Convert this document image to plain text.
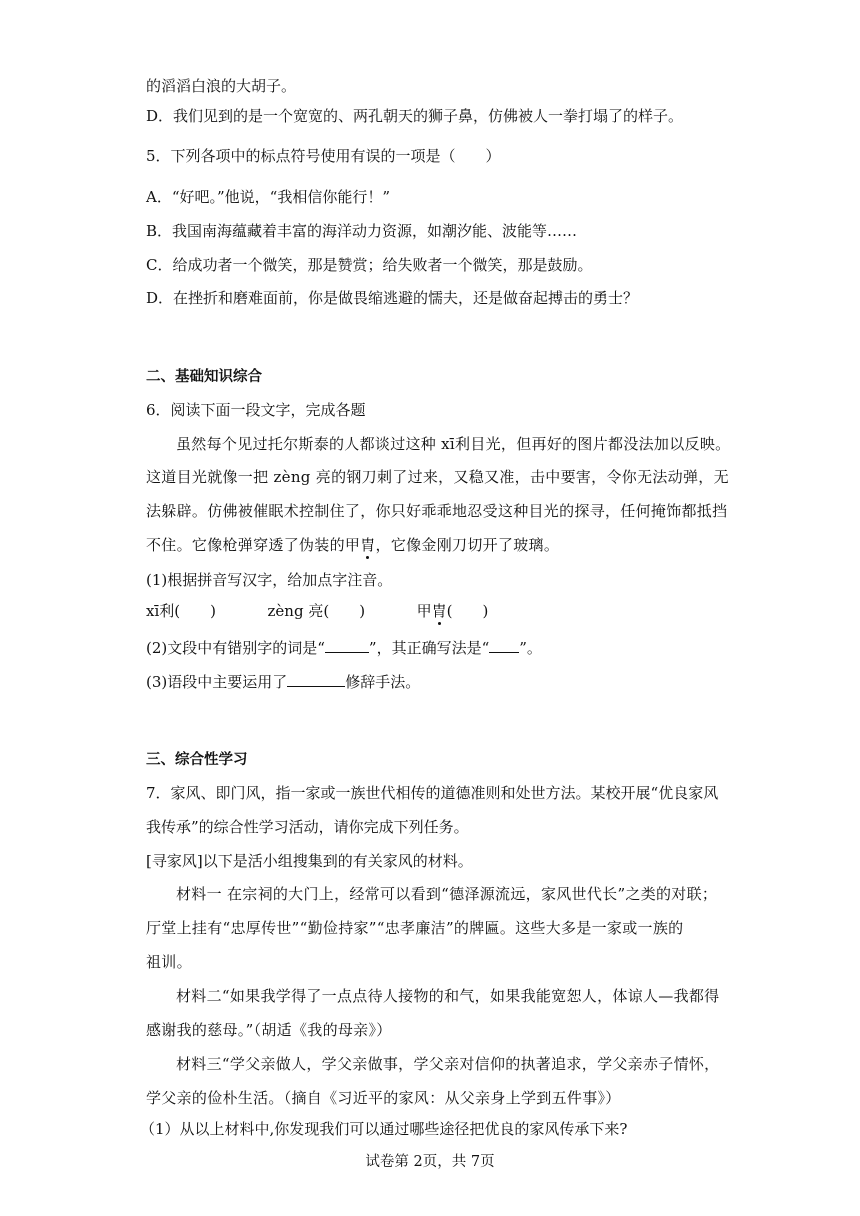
的滔滔白浪的大胡子。
D．我们见到的是一个宽宽的、两孔朝天的狮子鼻，仿佛被人一拳打塌了的样子。
5．下列各项中的标点符号使用有误的一项是（　　）
A．“好吧。”他说，“我相信你能行！”
B．我国南海蕴藏着丰富的海洋动力资源，如潮汐能、波能等……
C．给成功者一个微笑，那是赞赏；给失败者一个微笑，那是鼓励。
D．在挫折和磨难面前，你是做畏缩逃避的懦夫，还是做奋起搏击的勇士？
二、基础知识综合
6．阅读下面一段文字，完成各题
虽然每个见过托尔斯泰的人都谈过这种 xī利目光，但再好的图片都没法加以反映。
这道目光就像一把 zèng 亮的钢刀刺了过来，又稳又准，击中要害，令你无法动弹，无
法躲辟。仿佛被催眠术控制住了，你只好乖乖地忍受这种目光的探寻，任何掩饰都抵挡
不住。它像枪弹穿透了伪装的甲胄，它像金刚刀切开了玻璃。
(1)根据拼音写汉字，给加点字注音。
xī利(　　)	zèng 亮(　　)	甲胄(　　)
(2)文段中有错别字的词是“	”，其正确写法是“ ”。
(3)语段中主要运用了	修辞手法。
三、综合性学习
7．家风、即门风，指一家或一族世代相传的道德准则和处世方法。某校开展“优良家风
我传承”的综合性学习活动，请你完成下列任务。
[寻家风]以下是活小组搜集到的有关家风的材料。
材料一 在宗祠的大门上，经常可以看到“德泽源流远，家风世代长”之类的对联；
厅堂上挂有“忠厚传世”“勤俭持家”“忠孝廉洁”的牌匾。这些大多是一家或一族的
祖训。
材料二“如果我学得了一点点待人接物的和气，如果我能宽恕人，体谅人—我都得
感谢我的慈母。”（胡适《我的母亲》）
材料三“学父亲做人，学父亲做事，学父亲对信仰的执著追求，学父亲赤子情怀，
学父亲的俭朴生活。（摘自《习近平的家风：从父亲身上学到五件事》）
（1）从以上材料中,你发现我们可以通过哪些途径把优良的家风传承下来?
试卷第 2页，共 7页
